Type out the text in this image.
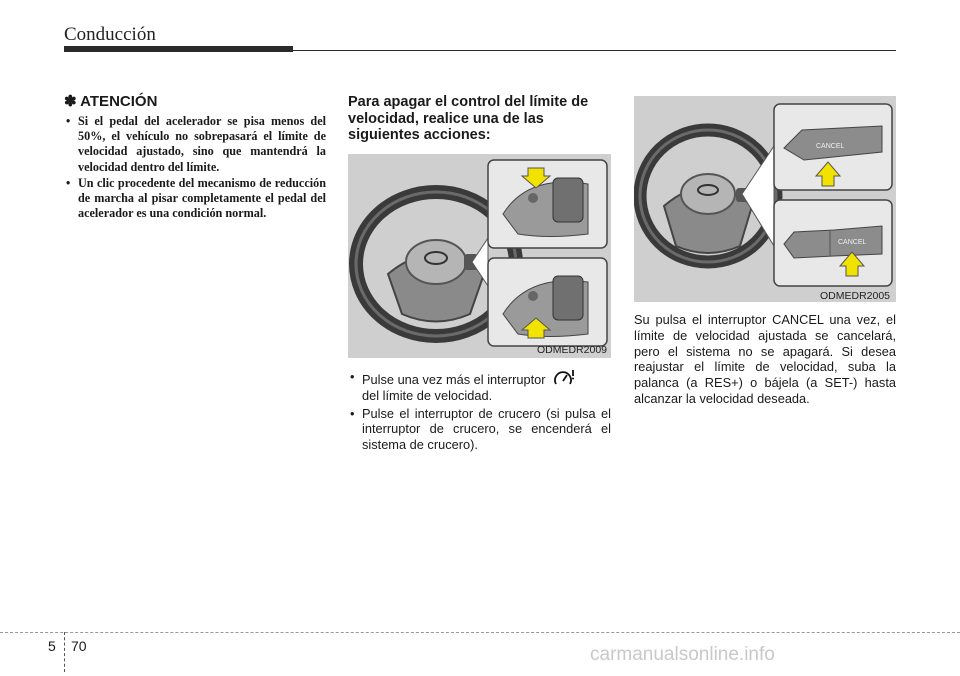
Conducción
✽ ATENCIÓN
• Si el pedal del acelerador se pisa menos del 50%, el vehículo no sobrepasará el límite de velocidad ajustado, sino que mantendrá la velocidad dentro del límite.
• Un clic procedente del mecanismo de reducción de marcha al pisar completamente el pedal del acelerador es una condición normal.
Para apagar el control del límite de velocidad, realice una de las siguientes acciones:
ODMEDR2009
• Pulse una vez más el interruptor
del límite de velocidad.
• Pulse el interruptor de crucero (si pulsa el interruptor de crucero, se encenderá el sistema de crucero).
CANCEL
CANCEL
ODMEDR2005
Su pulsa el interruptor CANCEL una vez, el límite de velocidad ajustada se cancelará, pero el sistema no se apagará. Si desea reajustar el límite de velocidad, suba la palanca (a RES+) o bájela (a SET-) hasta alcanzar la velocidad deseada.
5 70	carmanualsonline.info
